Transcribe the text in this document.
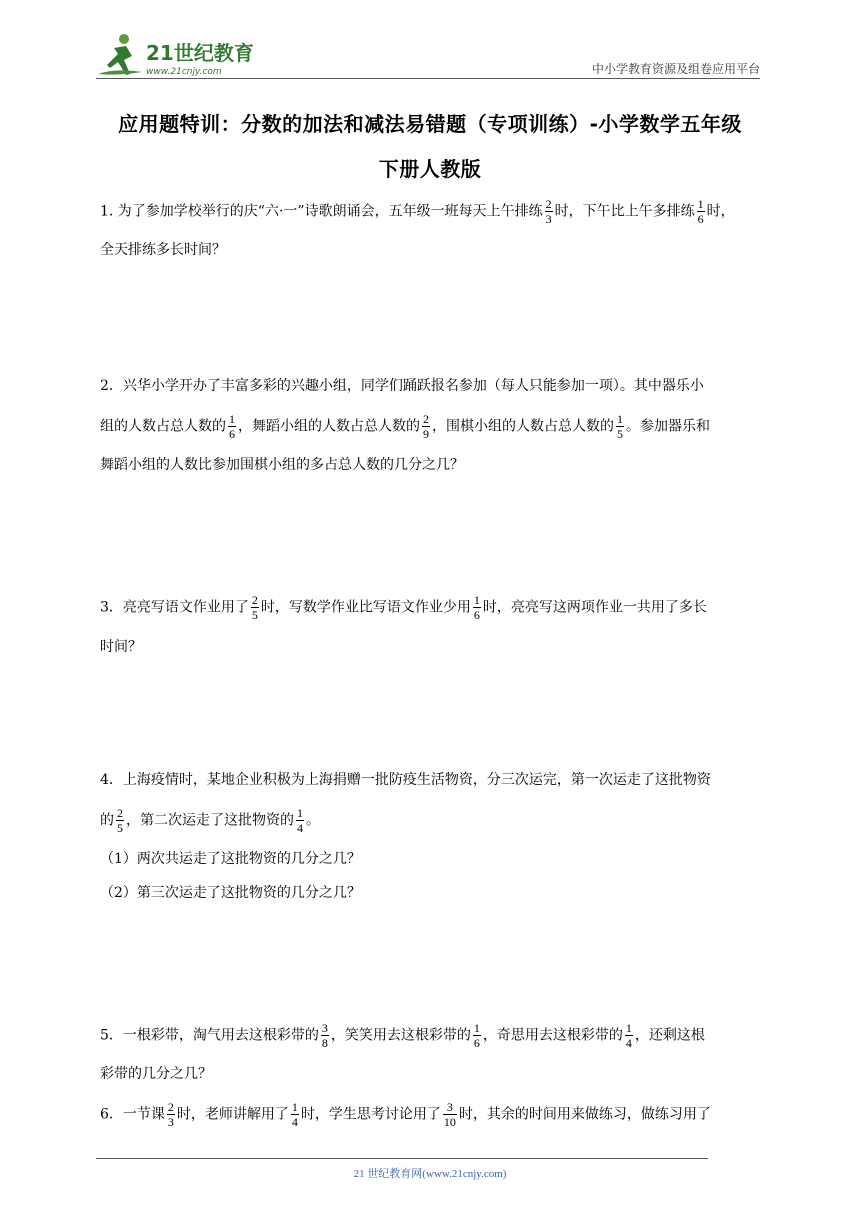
21世纪教育
www.21cnjy.com	中小学教育资源及组卷应用平台
应用题特训：分数的加法和减法易错题（专项训练）-小学数学五年级
下册人教版
1. 为了参加学校举行的庆“六·一”诗歌朗诵会，五年级一班每天上午排练 $\frac{2}{3}$ 时，下午比上午多排练 $\frac{1}{6}$ 时，
全天排练多长时间？
2．兴华小学开办了丰富多彩的兴趣小组，同学们踊跃报名参加（每人只能参加一项）。其中器乐小
组的人数占总人数的 $\frac{1}{6}$ ，舞蹈小组的人数占总人数的 $\frac{2}{9}$ ，围棋小组的人数占总人数的 $\frac{1}{5}$ 。参加器乐和
舞蹈小组的人数比参加围棋小组的多占总人数的几分之几？
3．亮亮写语文作业用了 $\frac{2}{5}$ 时，写数学作业比写语文作业少用 $\frac{1}{6}$ 时，亮亮写这两项作业一共用了多长
时间？
4．上海疫情时，某地企业积极为上海捐赠一批防疫生活物资，分三次运完，第一次运走了这批物资
的 $\frac{2}{5}$ ，第二次运走了这批物资的 $\frac{1}{4}$ 。
（1）两次共运走了这批物资的几分之几？
（2）第三次运走了这批物资的几分之几？
5．一根彩带，淘气用去这根彩带的 $\frac{3}{8}$ ，笑笑用去这根彩带的 $\frac{1}{6}$ ，奇思用去这根彩带的 $\frac{1}{4}$ ，还剩这根
彩带的几分之几？
6．一节课 $\frac{2}{3}$ 时，老师讲解用了 $\frac{1}{4}$ 时，学生思考讨论用了 $\frac{3}{10}$ 时，其余的时间用来做练习，做练习用了
21 世纪教育网(www.21cnjy.com)
